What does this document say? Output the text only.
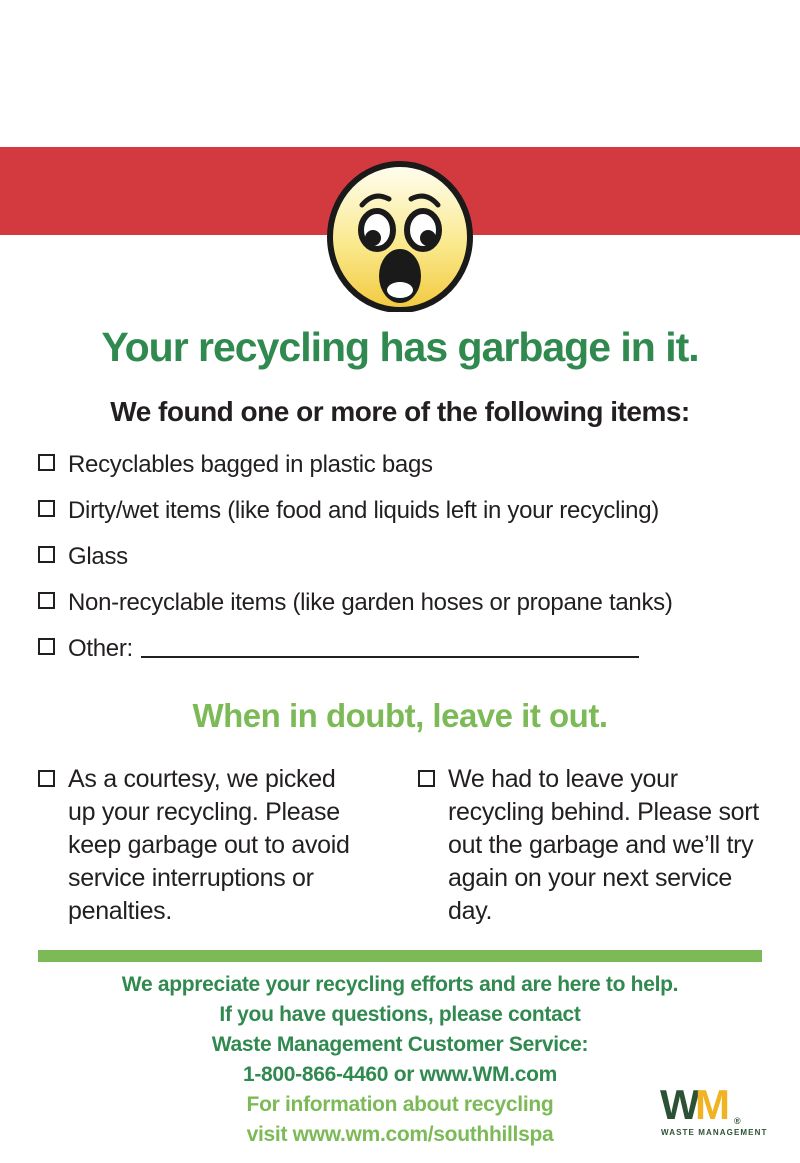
Your recycling has garbage in it.
We found one or more of the following items:
Recyclables bagged in plastic bags
Dirty/wet items (like food and liquids left in your recycling)
Glass
Non-recyclable items (like garden hoses or propane tanks)
Other:
When in doubt, leave it out.
As a courtesy, we picked up your recycling. Please keep garbage out to avoid service interruptions or penalties.
We had to leave your recycling behind. Please sort out the garbage and we’ll try again on your next service day.
We appreciate your recycling efforts and are here to help.
If you have questions, please contact
Waste Management Customer Service:
1-800-866-4460 or www.WM.com
For information about recycling
visit www.wm.com/southhillspa
W
M ®
WASTE MANAGEMENT
